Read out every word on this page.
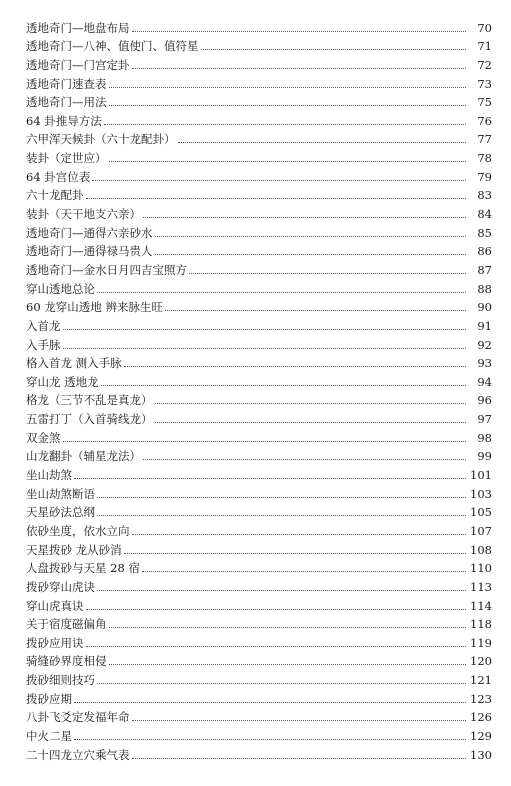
透地奇门—地盘布局	70
透地奇门—八神、值使门、值符星	71
透地奇门—门宫定卦	72
透地奇门速查表	73
透地奇门—用法	75
64 卦推导方法	76
六甲浑天候卦（六十龙配卦）	77
装卦（定世应）	78
64 卦宫位表	79
六十龙配卦	83
装卦（天干地支六亲）	84
透地奇门—通得六亲砂水	85
透地奇门—通得禄马贵人	86
透地奇门—金水日月四吉宝照方	87
穿山透地总论	88
60 龙穿山透地 辨来脉生旺	90
入首龙	91
入手脉	92
格入首龙 测入手脉	93
穿山龙 透地龙	94
格龙（三节不乱是真龙）	96
五雷打丁（入首骑线龙）	97
双金煞	98
山龙翻卦（辅星龙法）	99
坐山劫煞	101
坐山劫煞断语	103
天星砂法总纲	105
依砂坐度，依水立向	107
天星拨砂 龙从砂消	108
人盘拨砂与天星 28 宿	110
拨砂穿山虎诀	113
穿山虎真诀	114
关于宿度磁偏角	118
拨砂应用诀	119
骑缝砂界度相侵	120
拨砂细则技巧	121
拨砂应期	123
八卦飞爻定发福年命	126
中火二星	129
二十四龙立穴乘气表	130
